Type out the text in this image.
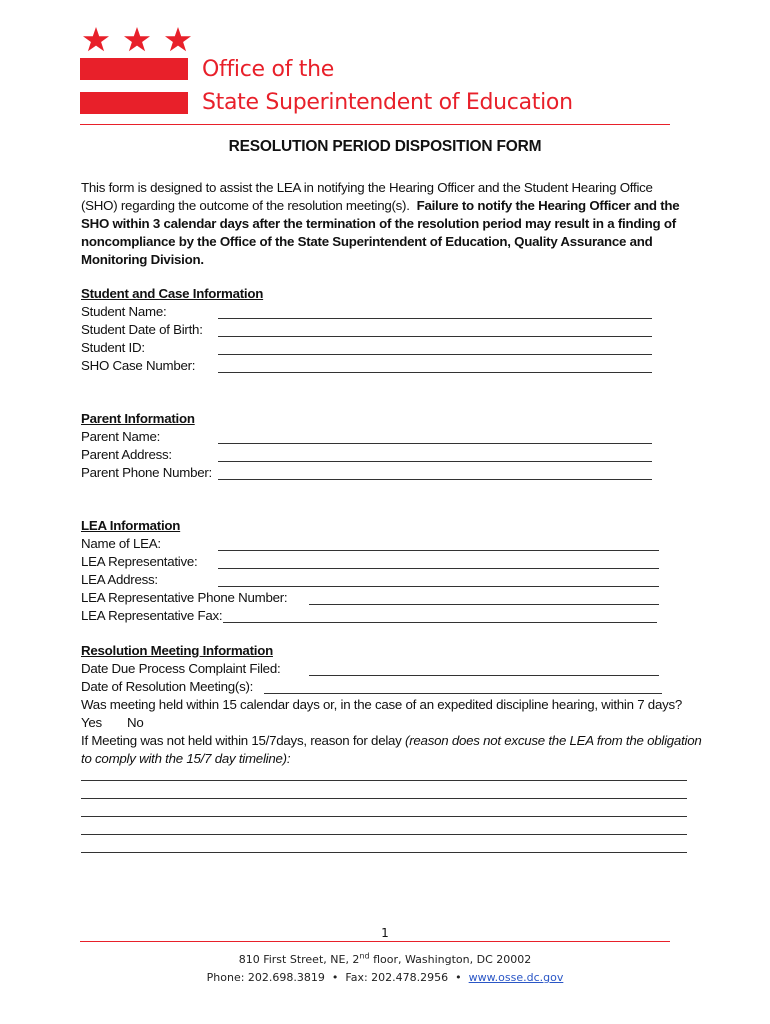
Office of the
State Superintendent of Education
RESOLUTION PERIOD DISPOSITION FORM
This form is designed to assist the LEA in notifying the Hearing Officer and the Student Hearing Office (SHO) regarding the outcome of the resolution meeting(s). Failure to notify the Hearing Officer and the SHO within 3 calendar days after the termination of the resolution period may result in a finding of noncompliance by the Office of the State Superintendent of Education, Quality Assurance and Monitoring Division.
Student and Case Information
Student Name:
Student Date of Birth:
Student ID:
SHO Case Number:
Parent Information
Parent Name:
Parent Address:
Parent Phone Number:
LEA Information
Name of LEA:
LEA Representative:
LEA Address:
LEA Representative Phone Number:
LEA Representative Fax:
Resolution Meeting Information
Date Due Process Complaint Filed:
Date of Resolution Meeting(s):
Was meeting held within 15 calendar days or, in the case of an expedited discipline hearing, within 7 days?
Yes No
If Meeting was not held within 15/7days, reason for delay (reason does not excuse the LEA from the obligation
to comply with the 15/7 day timeline):
1
810 First Street, NE, 2nd floor, Washington, DC 20002
Phone: 202.698.3819 • Fax: 202.478.2956 • www.osse.dc.gov
